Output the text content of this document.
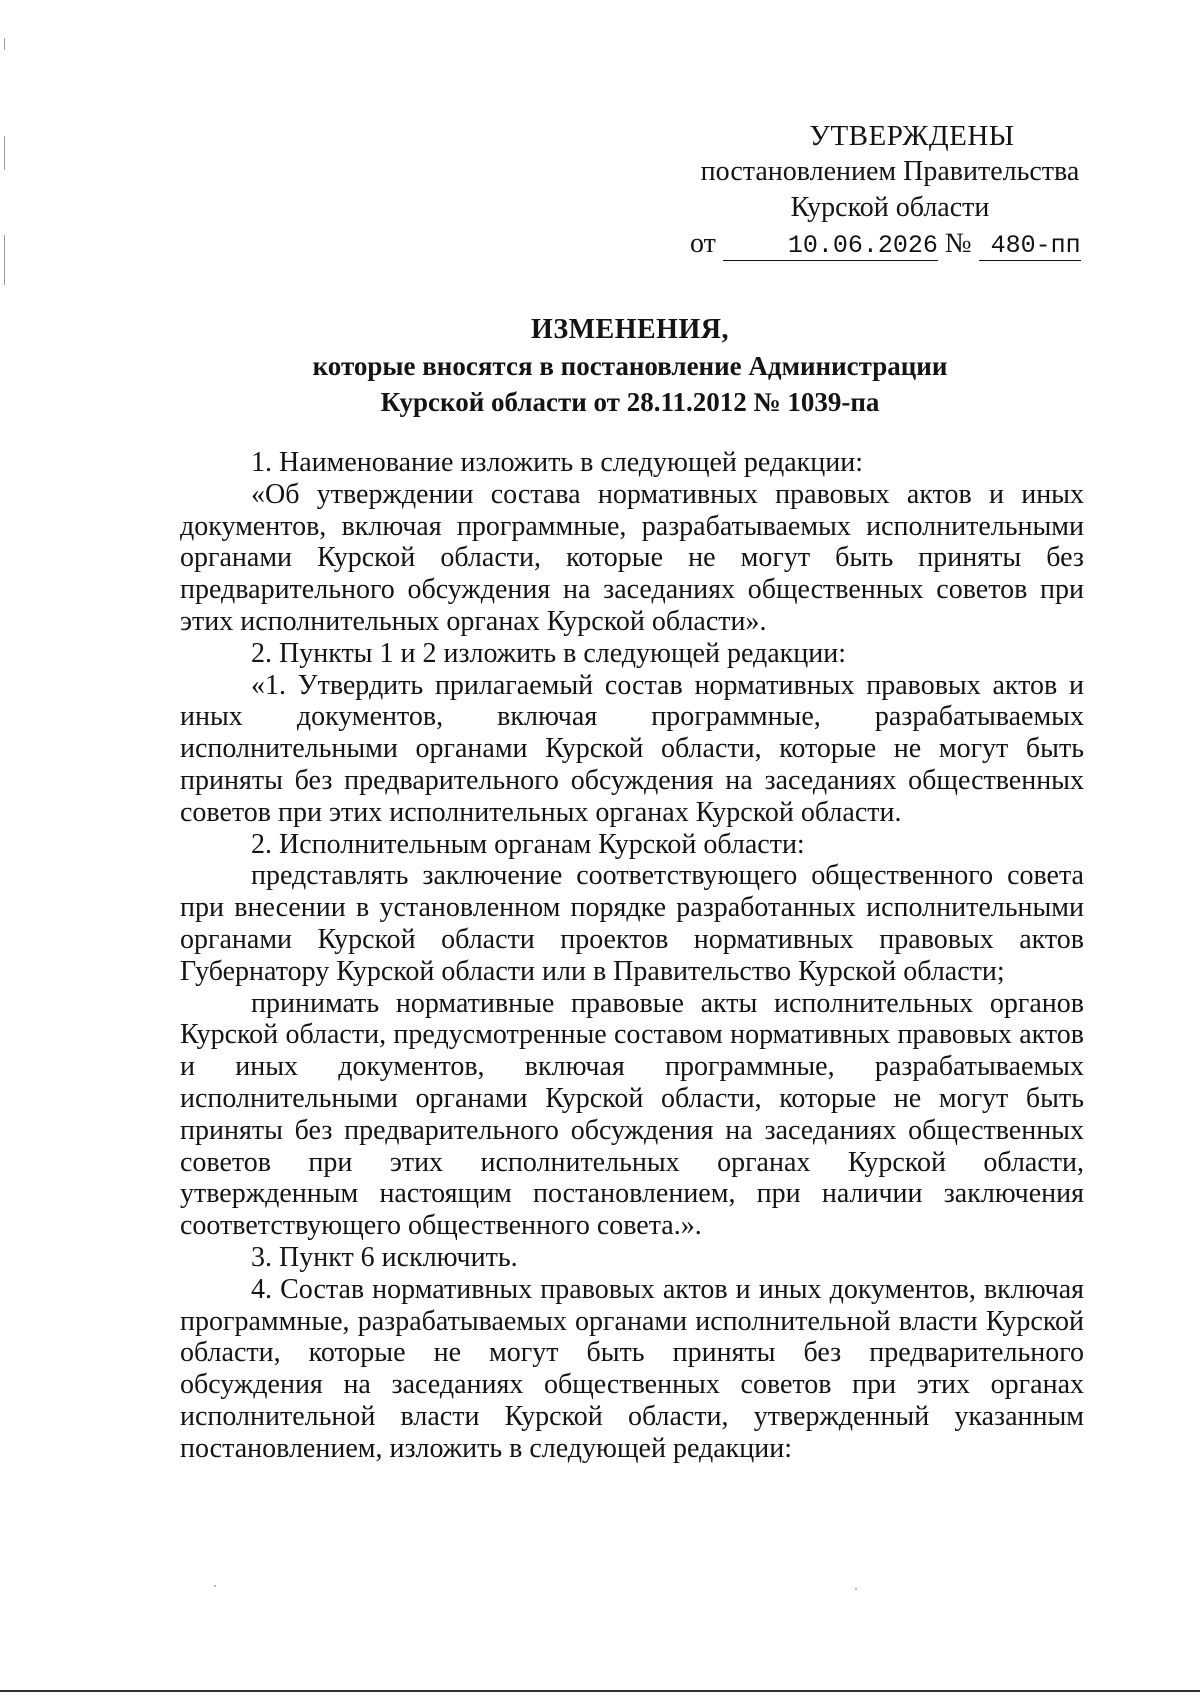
УТВЕРЖДЕНЫ
постановлением Правительства
Курской области
от	10.06.2026 № 480-пп
ИЗМЕНЕНИЯ,
которые вносятся в постановление Администрации
Курской области от 28.11.2012 № 1039-па

1. Наименование изложить в следующей редакции:

«Об утверждении состава нормативных правовых актов и иных документов, включая программные, разрабатываемых исполнительными органами Курской области, которые не могут быть приняты без предварительного обсуждения на заседаниях общественных советов при этих исполнительных органах Курской области».

2. Пункты 1 и 2 изложить в следующей редакции:

«1. Утвердить прилагаемый состав нормативных правовых актов и иных документов, включая программные, разрабатываемых исполнительными органами Курской области, которые не могут быть приняты без предварительного обсуждения на заседаниях общественных советов при этих исполнительных органах Курской области.

2. Исполнительным органам Курской области:

представлять заключение соответствующего общественного совета при внесении в установленном порядке разработанных исполнительными органами Курской области проектов нормативных правовых актов Губернатору Курской области или в Правительство Курской области;

принимать нормативные правовые акты исполнительных органов Курской области, предусмотренные составом нормативных правовых актов и иных документов, включая программные, разрабатываемых исполнительными органами Курской области, которые не могут быть приняты без предварительного обсуждения на заседаниях общественных советов при этих исполнительных органах Курской области, утвержденным настоящим постановлением, при наличии заключения соответствующего общественного совета.».

3. Пункт 6 исключить.

4. Состав нормативных правовых актов и иных документов, включая программные, разрабатываемых органами исполнительной власти Курской области, которые не могут быть приняты без предварительного обсуждения на заседаниях общественных советов при этих органах исполнительной власти Курской области, утвержденный указанным постановлением, изложить в следующей редакции:
